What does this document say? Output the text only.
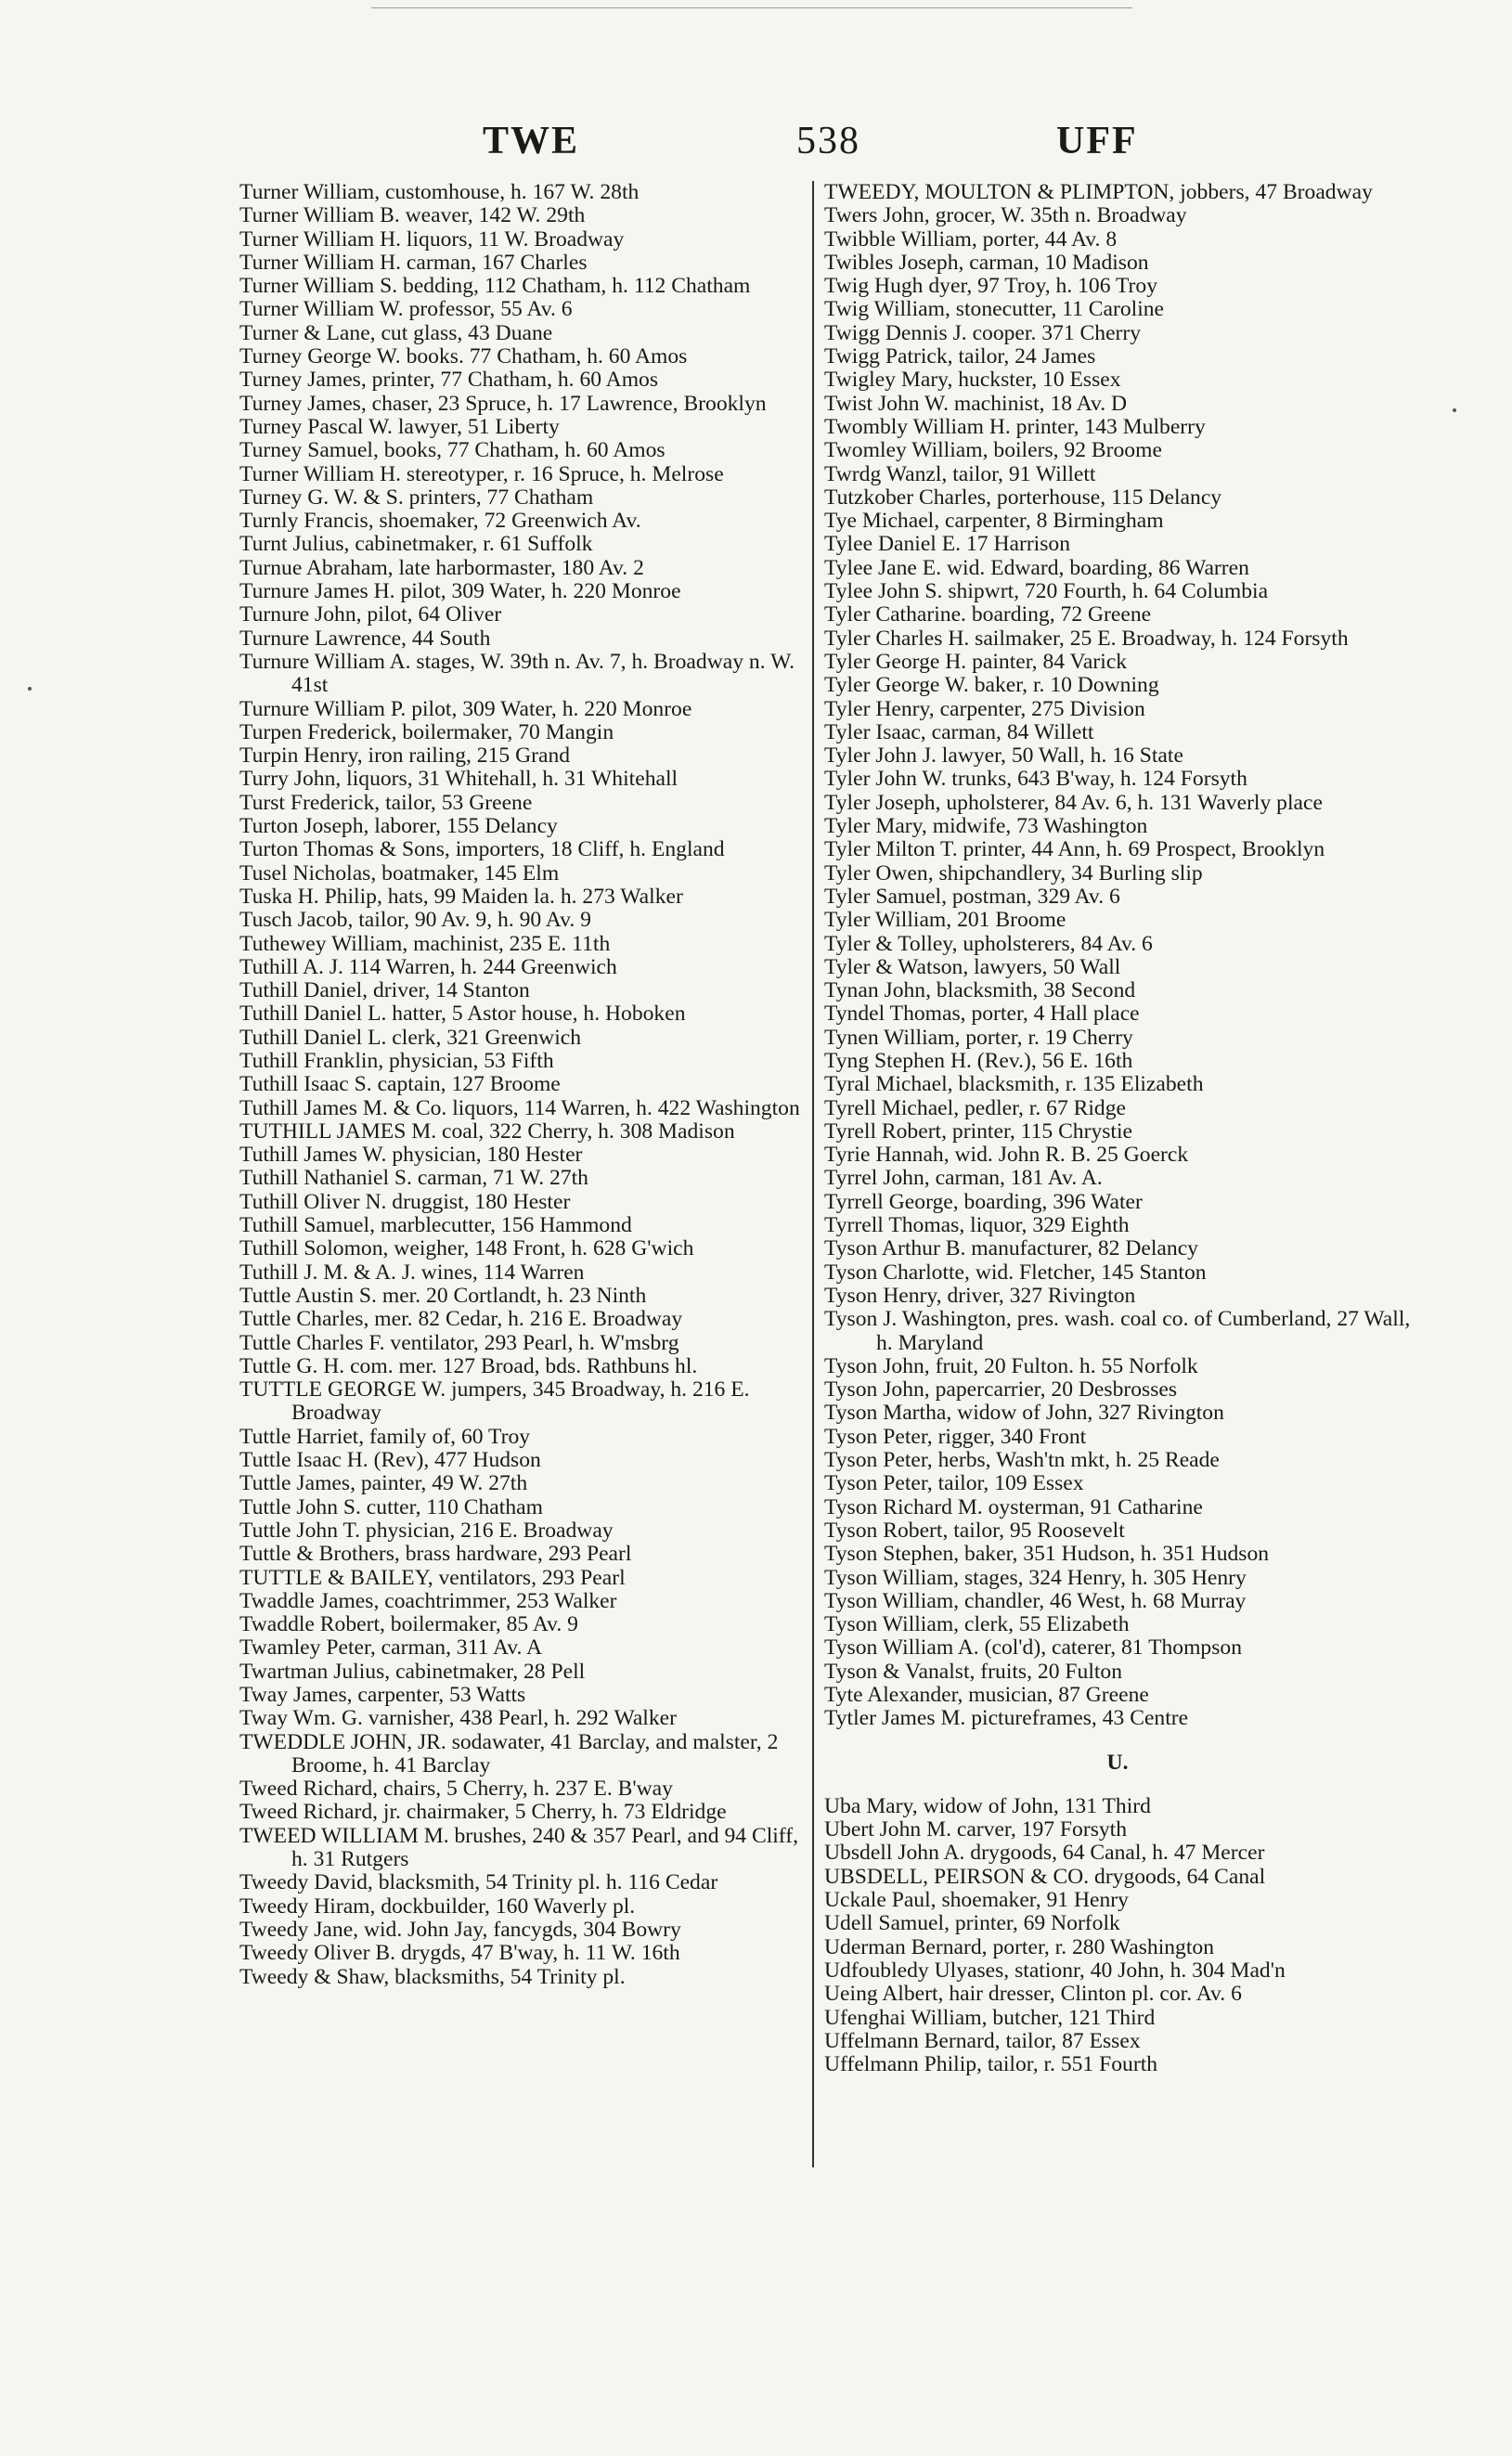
TWE	538	UFF
Turner William, customhouse, h. 167 W. 28th
Turner William B. weaver, 142 W. 29th
Turner William H. liquors, 11 W. Broadway
Turner William H. carman, 167 Charles
Turner William S. bedding, 112 Chatham, h. 112 Chatham
Turner William W. professor, 55 Av. 6
Turner & Lane, cut glass, 43 Duane
Turney George W. books. 77 Chatham, h. 60 Amos
Turney James, printer, 77 Chatham, h. 60 Amos
Turney James, chaser, 23 Spruce, h. 17 Lawrence, Brooklyn
Turney Pascal W. lawyer, 51 Liberty
Turney Samuel, books, 77 Chatham, h. 60 Amos
Turner William H. stereotyper, r. 16 Spruce, h. Melrose
Turney G. W. & S. printers, 77 Chatham
Turnly Francis, shoemaker, 72 Greenwich Av.
Turnt Julius, cabinetmaker, r. 61 Suffolk
Turnue Abraham, late harbormaster, 180 Av. 2
Turnure James H. pilot, 309 Water, h. 220 Monroe
Turnure John, pilot, 64 Oliver
Turnure Lawrence, 44 South
Turnure William A. stages, W. 39th n. Av. 7, h. Broadway n. W. 41st
Turnure William P. pilot, 309 Water, h. 220 Monroe
Turpen Frederick, boilermaker, 70 Mangin
Turpin Henry, iron railing, 215 Grand
Turry John, liquors, 31 Whitehall, h. 31 Whitehall
Turst Frederick, tailor, 53 Greene
Turton Joseph, laborer, 155 Delancy
Turton Thomas & Sons, importers, 18 Cliff, h. England
Tusel Nicholas, boatmaker, 145 Elm
Tuska H. Philip, hats, 99 Maiden la. h. 273 Walker
Tusch Jacob, tailor, 90 Av. 9, h. 90 Av. 9
Tuthewey William, machinist, 235 E. 11th
Tuthill A. J. 114 Warren, h. 244 Greenwich
Tuthill Daniel, driver, 14 Stanton
Tuthill Daniel L. hatter, 5 Astor house, h. Hoboken
Tuthill Daniel L. clerk, 321 Greenwich
Tuthill Franklin, physician, 53 Fifth
Tuthill Isaac S. captain, 127 Broome
Tuthill James M. & Co. liquors, 114 Warren, h. 422 Washington
TUTHILL JAMES M. coal, 322 Cherry, h. 308 Madison
Tuthill James W. physician, 180 Hester
Tuthill Nathaniel S. carman, 71 W. 27th
Tuthill Oliver N. druggist, 180 Hester
Tuthill Samuel, marblecutter, 156 Hammond
Tuthill Solomon, weigher, 148 Front, h. 628 G'wich
Tuthill J. M. & A. J. wines, 114 Warren
Tuttle Austin S. mer. 20 Cortlandt, h. 23 Ninth
Tuttle Charles, mer. 82 Cedar, h. 216 E. Broadway
Tuttle Charles F. ventilator, 293 Pearl, h. W'msbrg
Tuttle G. H. com. mer. 127 Broad, bds. Rathbuns hl.
TUTTLE GEORGE W. jumpers, 345 Broadway, h. 216 E. Broadway
Tuttle Harriet, family of, 60 Troy
Tuttle Isaac H. (Rev), 477 Hudson
Tuttle James, painter, 49 W. 27th
Tuttle John S. cutter, 110 Chatham
Tuttle John T. physician, 216 E. Broadway
Tuttle & Brothers, brass hardware, 293 Pearl
TUTTLE & BAILEY, ventilators, 293 Pearl
Twaddle James, coachtrimmer, 253 Walker
Twaddle Robert, boilermaker, 85 Av. 9
Twamley Peter, carman, 311 Av. A
Twartman Julius, cabinetmaker, 28 Pell
Tway James, carpenter, 53 Watts
Tway Wm. G. varnisher, 438 Pearl, h. 292 Walker
TWEDDLE JOHN, JR. sodawater, 41 Barclay, and malster, 2 Broome, h. 41 Barclay
Tweed Richard, chairs, 5 Cherry, h. 237 E. B'way
Tweed Richard, jr. chairmaker, 5 Cherry, h. 73 Eldridge
TWEED WILLIAM M. brushes, 240 & 357 Pearl, and 94 Cliff, h. 31 Rutgers
Tweedy David, blacksmith, 54 Trinity pl. h. 116 Cedar
Tweedy Hiram, dockbuilder, 160 Waverly pl.
Tweedy Jane, wid. John Jay, fancygds, 304 Bowry
Tweedy Oliver B. drygds, 47 B'way, h. 11 W. 16th
Tweedy & Shaw, blacksmiths, 54 Trinity pl.
TWEEDY, MOULTON & PLIMPTON, jobbers, 47 Broadway
Twers John, grocer, W. 35th n. Broadway
Twibble William, porter, 44 Av. 8
Twibles Joseph, carman, 10 Madison
Twig Hugh dyer, 97 Troy, h. 106 Troy
Twig William, stonecutter, 11 Caroline
Twigg Dennis J. cooper. 371 Cherry
Twigg Patrick, tailor, 24 James
Twigley Mary, huckster, 10 Essex
Twist John W. machinist, 18 Av. D
Twombly William H. printer, 143 Mulberry
Twomley William, boilers, 92 Broome
Twrdg Wanzl, tailor, 91 Willett
Tutzkober Charles, porterhouse, 115 Delancy
Tye Michael, carpenter, 8 Birmingham
Tylee Daniel E. 17 Harrison
Tylee Jane E. wid. Edward, boarding, 86 Warren
Tylee John S. shipwrt, 720 Fourth, h. 64 Columbia
Tyler Catharine. boarding, 72 Greene
Tyler Charles H. sailmaker, 25 E. Broadway, h. 124 Forsyth
Tyler George H. painter, 84 Varick
Tyler George W. baker, r. 10 Downing
Tyler Henry, carpenter, 275 Division
Tyler Isaac, carman, 84 Willett
Tyler John J. lawyer, 50 Wall, h. 16 State
Tyler John W. trunks, 643 B'way, h. 124 Forsyth
Tyler Joseph, upholsterer, 84 Av. 6, h. 131 Waverly place
Tyler Mary, midwife, 73 Washington
Tyler Milton T. printer, 44 Ann, h. 69 Prospect, Brooklyn
Tyler Owen, shipchandlery, 34 Burling slip
Tyler Samuel, postman, 329 Av. 6
Tyler William, 201 Broome
Tyler & Tolley, upholsterers, 84 Av. 6
Tyler & Watson, lawyers, 50 Wall
Tynan John, blacksmith, 38 Second
Tyndel Thomas, porter, 4 Hall place
Tynen William, porter, r. 19 Cherry
Tyng Stephen H. (Rev.), 56 E. 16th
Tyral Michael, blacksmith, r. 135 Elizabeth
Tyrell Michael, pedler, r. 67 Ridge
Tyrell Robert, printer, 115 Chrystie
Tyrie Hannah, wid. John R. B. 25 Goerck
Tyrrel John, carman, 181 Av. A.
Tyrrell George, boarding, 396 Water
Tyrrell Thomas, liquor, 329 Eighth
Tyson Arthur B. manufacturer, 82 Delancy
Tyson Charlotte, wid. Fletcher, 145 Stanton
Tyson Henry, driver, 327 Rivington
Tyson J. Washington, pres. wash. coal co. of Cumberland, 27 Wall, h. Maryland
Tyson John, fruit, 20 Fulton. h. 55 Norfolk
Tyson John, papercarrier, 20 Desbrosses
Tyson Martha, widow of John, 327 Rivington
Tyson Peter, rigger, 340 Front
Tyson Peter, herbs, Wash'tn mkt, h. 25 Reade
Tyson Peter, tailor, 109 Essex
Tyson Richard M. oysterman, 91 Catharine
Tyson Robert, tailor, 95 Roosevelt
Tyson Stephen, baker, 351 Hudson, h. 351 Hudson
Tyson William, stages, 324 Henry, h. 305 Henry
Tyson William, chandler, 46 West, h. 68 Murray
Tyson William, clerk, 55 Elizabeth
Tyson William A. (col'd), caterer, 81 Thompson
Tyson & Vanalst, fruits, 20 Fulton
Tyte Alexander, musician, 87 Greene
Tytler James M. pictureframes, 43 Centre
U.
Uba Mary, widow of John, 131 Third
Ubert John M. carver, 197 Forsyth
Ubsdell John A. drygoods, 64 Canal, h. 47 Mercer
UBSDELL, PEIRSON & CO. drygoods, 64 Canal
Uckale Paul, shoemaker, 91 Henry
Udell Samuel, printer, 69 Norfolk
Uderman Bernard, porter, r. 280 Washington
Udfoubledy Ulyases, stationr, 40 John, h. 304 Mad'n
Ueing Albert, hair dresser, Clinton pl. cor. Av. 6
Ufenghai William, butcher, 121 Third
Uffelmann Bernard, tailor, 87 Essex
Uffelmann Philip, tailor, r. 551 Fourth
